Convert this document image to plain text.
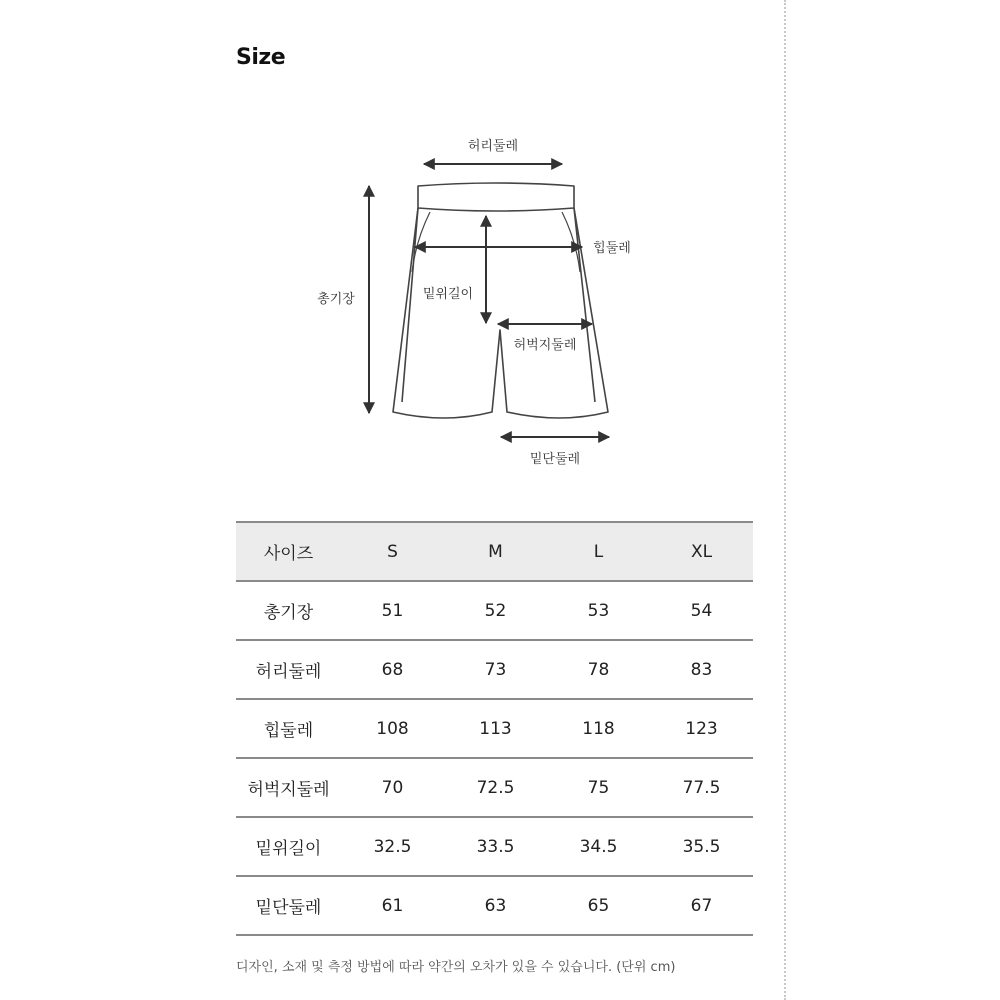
Size
허리둘레
힙둘레
총기장	밑위길이
허벅지둘레
밑단둘레
사이즈	S	M	L	XL
총기장	51	52	53	54
허리둘레	68	73	78	83
힙둘레	108	113	118	123
허벅지둘레	70	72.5	75	77.5
밑위길이	32.5	33.5	34.5	35.5
밑단둘레	61	63	65	67
디자인, 소재 및 측정 방법에 따라 약간의 오차가 있을 수 있습니다. (단위 cm)
